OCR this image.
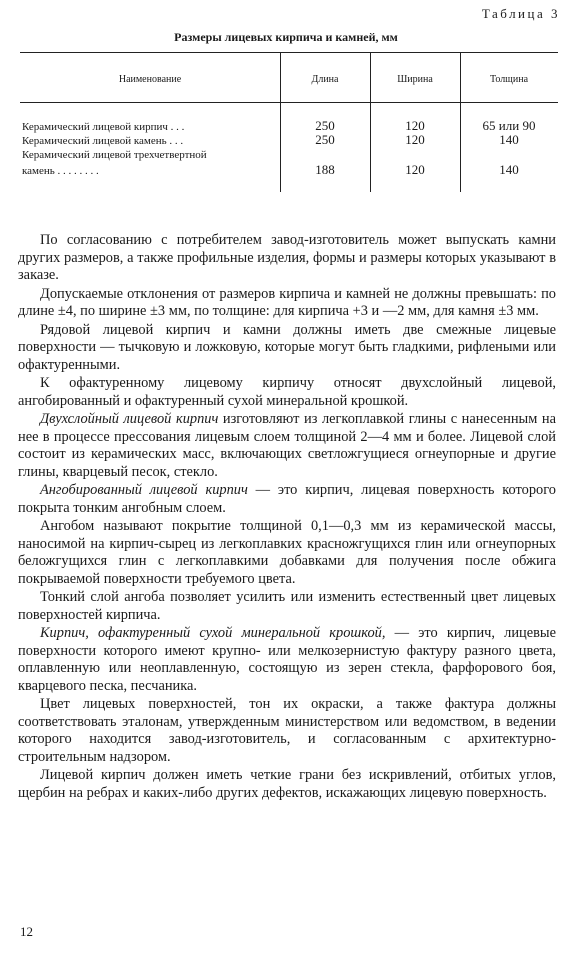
Таблица 3
Размеры лицевых кирпича и камней, мм
Наименование	Длина	Ширина	Толщина
Керамический лицевой кирпич . . .	250	120	65 или 90
Керамический лицевой камень . . .	250	120	140
Керамический лицевой трехчетвертной
камень . . . . . . . .	188	120	140

По согласованию с потребителем завод-изготовитель может выпускать камни других размеров, а также профильные изделия, формы и размеры которых указывают в заказе.

Допускаемые отклонения от размеров кирпича и камней не должны превышать: по длине ±4, по ширине ±3 мм, по толщине: для кирпича +3 и —2 мм, для камня ±3 мм.

Рядовой лицевой кирпич и камни должны иметь две смежные лицевые поверхности — тычковую и ложковую, которые могут быть гладкими, рифлеными или офактуренными.

К офактуренному лицевому кирпичу относят двухслойный лицевой, ангобированный и офактуренный сухой минеральной крошкой.

Двухслойный лицевой кирпич изготовляют из легкоплавкой глины с нанесенным на нее в процессе прессования лицевым слоем толщиной 2—4 мм и более. Лицевой слой состоит из керамических масс, включающих светложгущиеся огнеупорные и другие глины, кварцевый песок, стекло.

Ангобированный лицевой кирпич — это кирпич, лицевая поверхность которого покрыта тонким ангобным слоем.

Ангобом называют покрытие толщиной 0,1—0,3 мм из керамической массы, наносимой на кирпич-сырец из легкоплавких красножгущихся глин или огнеупорных беложгущихся глин с легкоплавкими добавками для получения после обжига покрываемой поверхности требуемого цвета.

Тонкий слой ангоба позволяет усилить или изменить естественный цвет лицевых поверхностей кирпича.

Кирпич, офактуренный сухой минеральной крошкой, — это кирпич, лицевые поверхности которого имеют крупно- или мелкозернистую фактуру разного цвета, оплавленную или неоплавленную, состоящую из зерен стекла, фарфорового боя, кварцевого песка, песчаника.

Цвет лицевых поверхностей, тон их окраски, а также фактура должны соответствовать эталонам, утвержденным министерством или ведомством, в ведении которого находится завод-изготовитель, и согласованным с архитектурно-строительным надзором.

Лицевой кирпич должен иметь четкие грани без искривлений, отбитых углов, щербин на ребрах и каких-либо других дефектов, искажающих лицевую поверхность.

12
